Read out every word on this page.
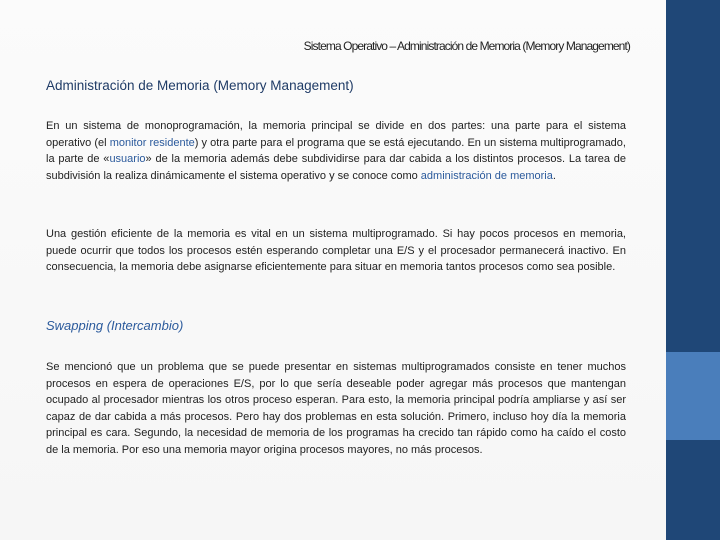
Sistema Operativo – Administración de Memoria (Memory Management)
Administración de Memoria (Memory Management)

En un sistema de monoprogramación, la memoria principal se divide en dos partes: una parte para el sistema operativo (el monitor residente) y otra parte para el programa que se está ejecutando. En un sistema multiprogramado, la parte de «usuario» de la memoria además debe subdividirse para dar cabida a los distintos procesos. La tarea de subdivisión la realiza dinámicamente el sistema operativo y se conoce como administración de memoria.

Una gestión eficiente de la memoria es vital en un sistema multiprogramado. Si hay pocos procesos en memoria, puede ocurrir que todos los procesos estén esperando completar una E/S y el procesador permanecerá inactivo. En consecuencia, la memoria debe asignarse eficientemente para situar en memoria tantos procesos como sea posible.

Swapping (Intercambio)

Se mencionó que un problema que se puede presentar en sistemas multiprogramados consiste en tener muchos procesos en espera de operaciones E/S, por lo que sería deseable poder agregar más procesos que mantengan ocupado al procesador mientras los otros proceso esperan. Para esto, la memoria principal podría ampliarse y así ser capaz de dar cabida a más procesos. Pero hay dos problemas en esta solución. Primero, incluso hoy día la memoria principal es cara. Segundo, la necesidad de memoria de los programas ha crecido tan rápido como ha caído el costo de la memoria. Por eso una memoria mayor origina procesos mayores, no más procesos.
